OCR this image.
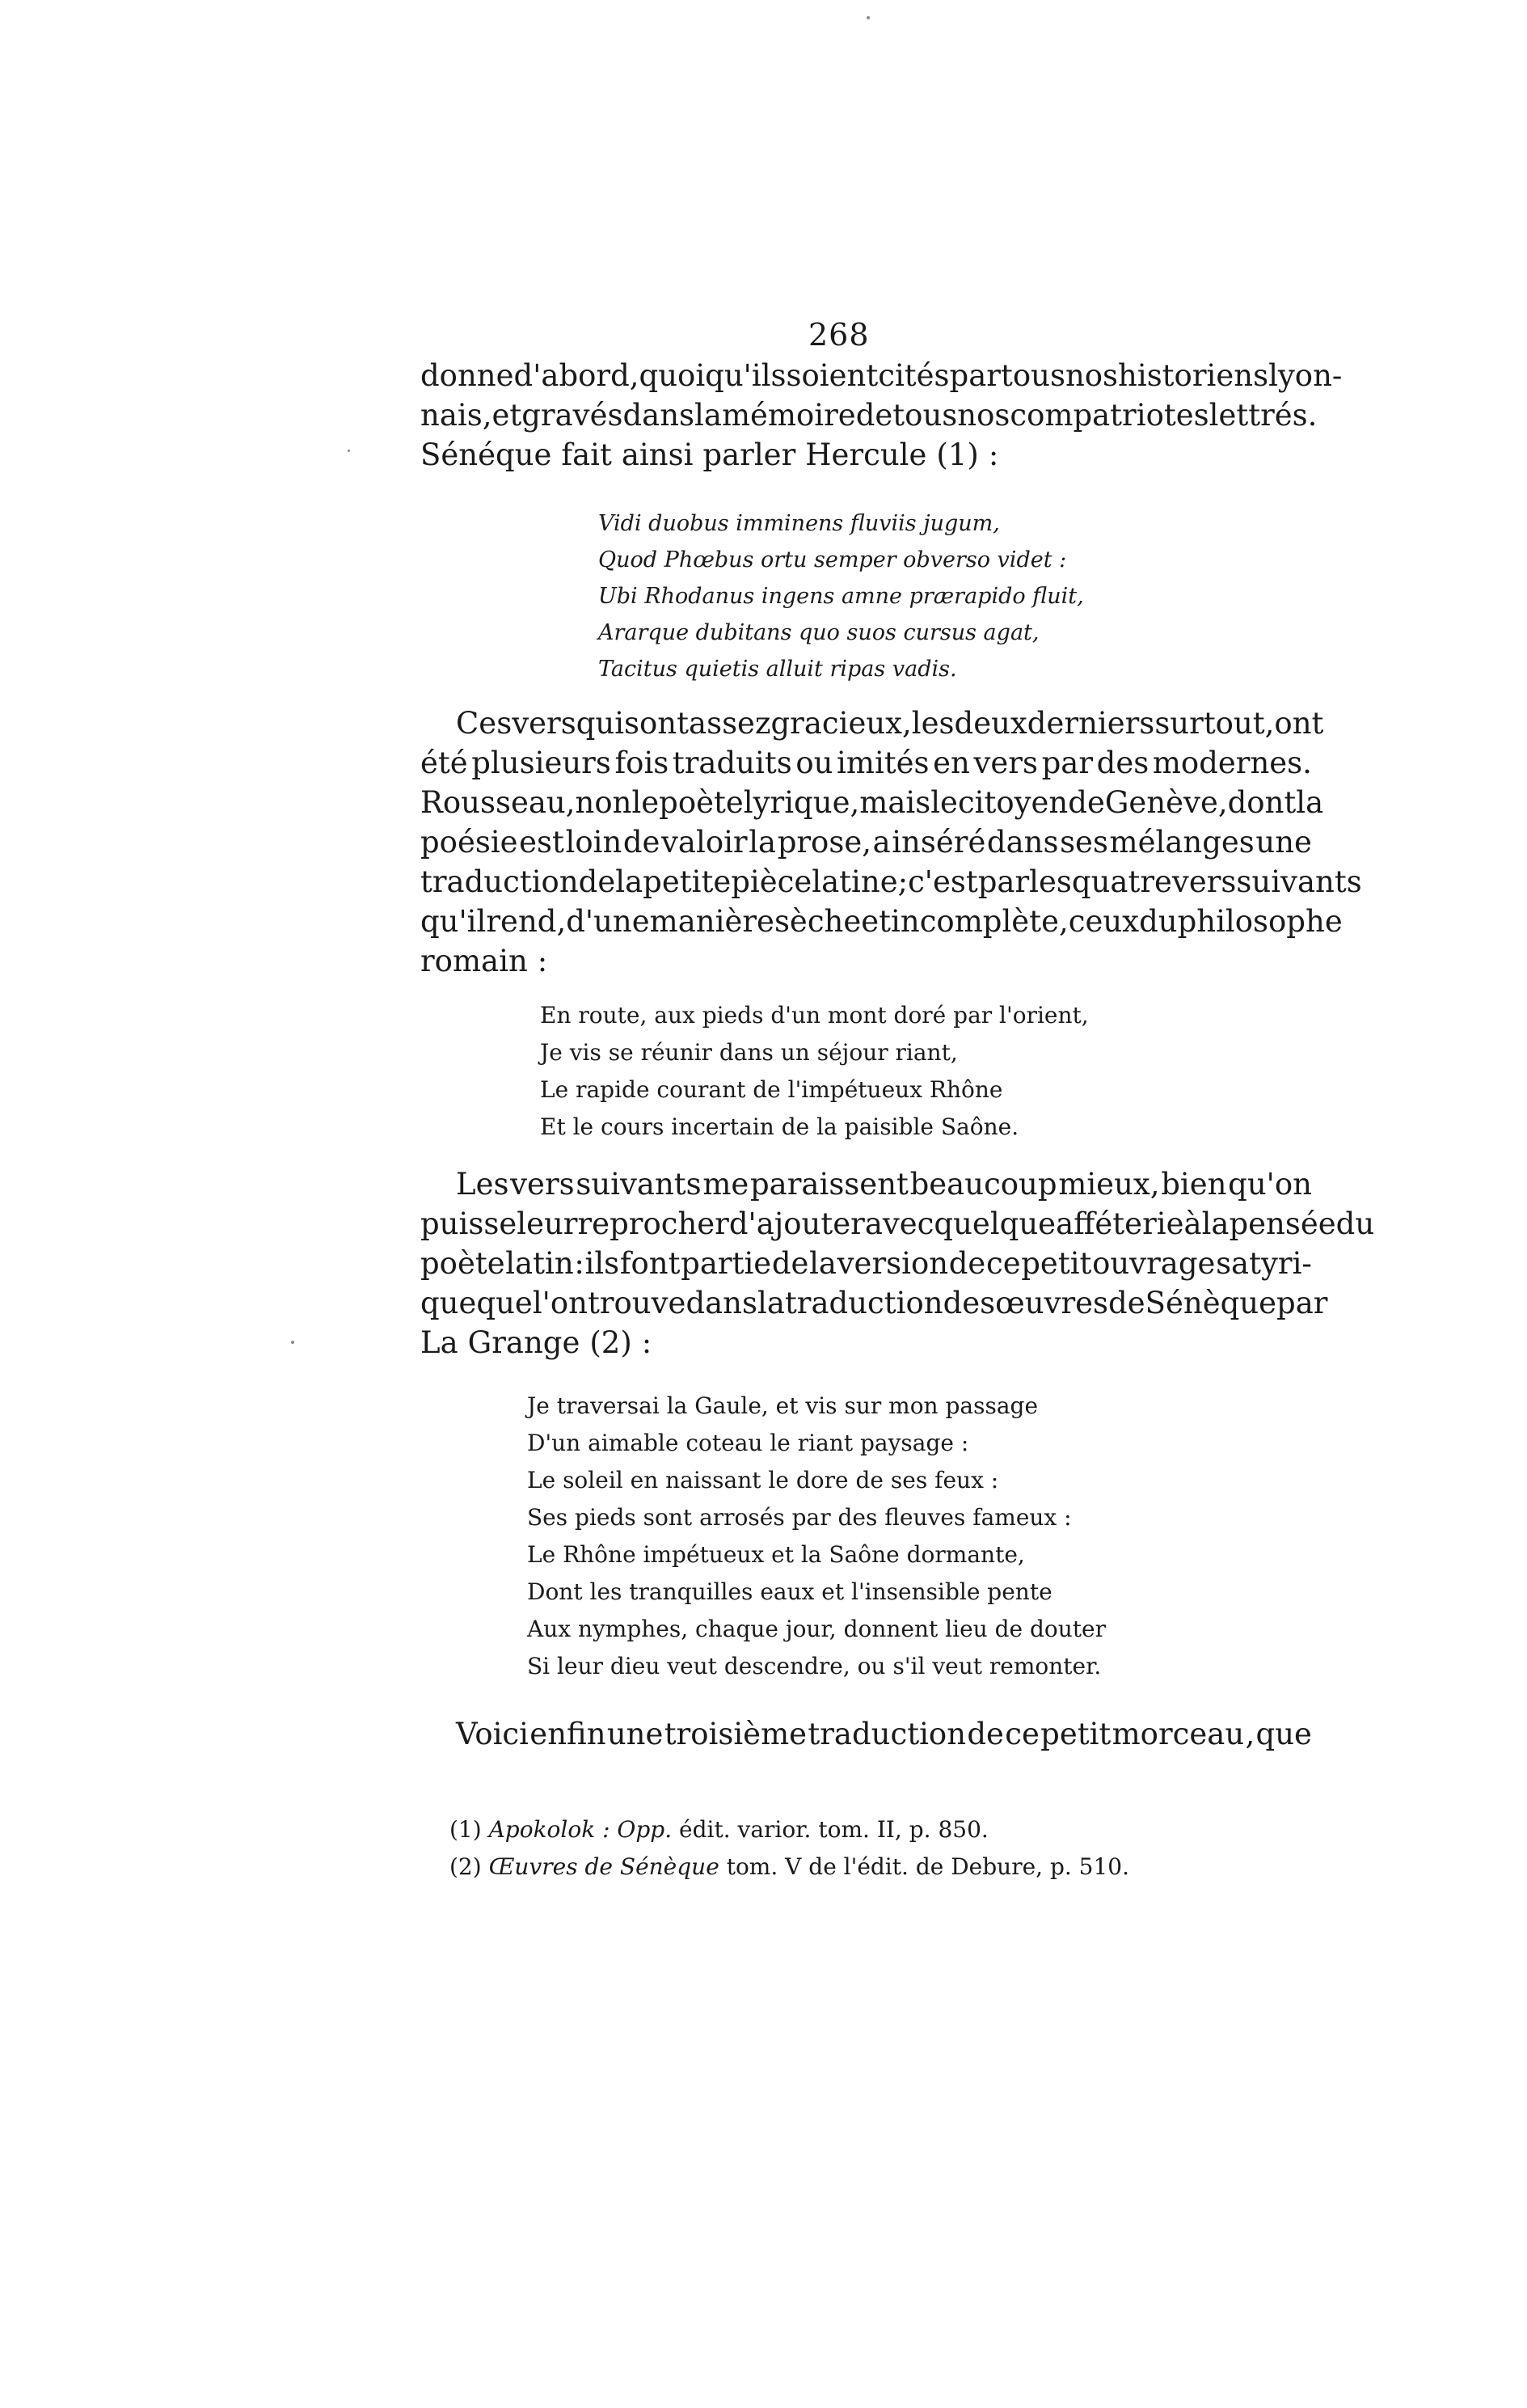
268
donne d'abord, quoiqu'ils soient cités par tous nos historiens lyon-
nais, et gravés dans la mémoire de tous nos compatriotes lettrés.
Sénéque fait ainsi parler Hercule (1) :
Vidi duobus imminens fluviis jugum,
Quod Phœbus ortu semper obverso videt :
Ubi Rhodanus ingens amne prærapido fluit,
Ararque dubitans quo suos cursus agat,
Tacitus quietis alluit ripas vadis.
Ces vers qui sont assez gracieux, les deux derniers surtout, ont
été plusieurs fois traduits ou imités en vers par des modernes.
Rousseau, non le poète lyrique, mais le citoyen de Genève, dont la
poésie est loin de valoir la prose, a inséré dans ses mélanges une
traduction de la petite pièce latine ; c'est par les quatre vers suivants
qu'il rend, d'une manière sèche et incomplète, ceux du philosophe
romain :
En route, aux pieds d'un mont doré par l'orient,
Je vis se réunir dans un séjour riant,
Le rapide courant de l'impétueux Rhône
Et le cours incertain de la paisible Saône.
Les vers suivants me paraissent beaucoup mieux, bien qu'on
puisse leur reprocher d'ajouter avec quelque afféterie à la pensée du
poète latin : ils font partie de la version de ce petit ouvrage satyri-
que que l'on trouve dans la traduction des œuvres de Sénèque par
La Grange (2) :
Je traversai la Gaule, et vis sur mon passage
D'un aimable coteau le riant paysage :
Le soleil en naissant le dore de ses feux :
Ses pieds sont arrosés par des fleuves fameux :
Le Rhône impétueux et la Saône dormante,
Dont les tranquilles eaux et l'insensible pente
Aux nymphes, chaque jour, donnent lieu de douter
Si leur dieu veut descendre, ou s'il veut remonter.
Voici enfin une troisième traduction de ce petit morceau , que
(1) Apokolok : Opp. édit. varior. tom. II, p. 850.
(2) Œuvres de Sénèque tom. V de l'édit. de Debure, p. 510.
